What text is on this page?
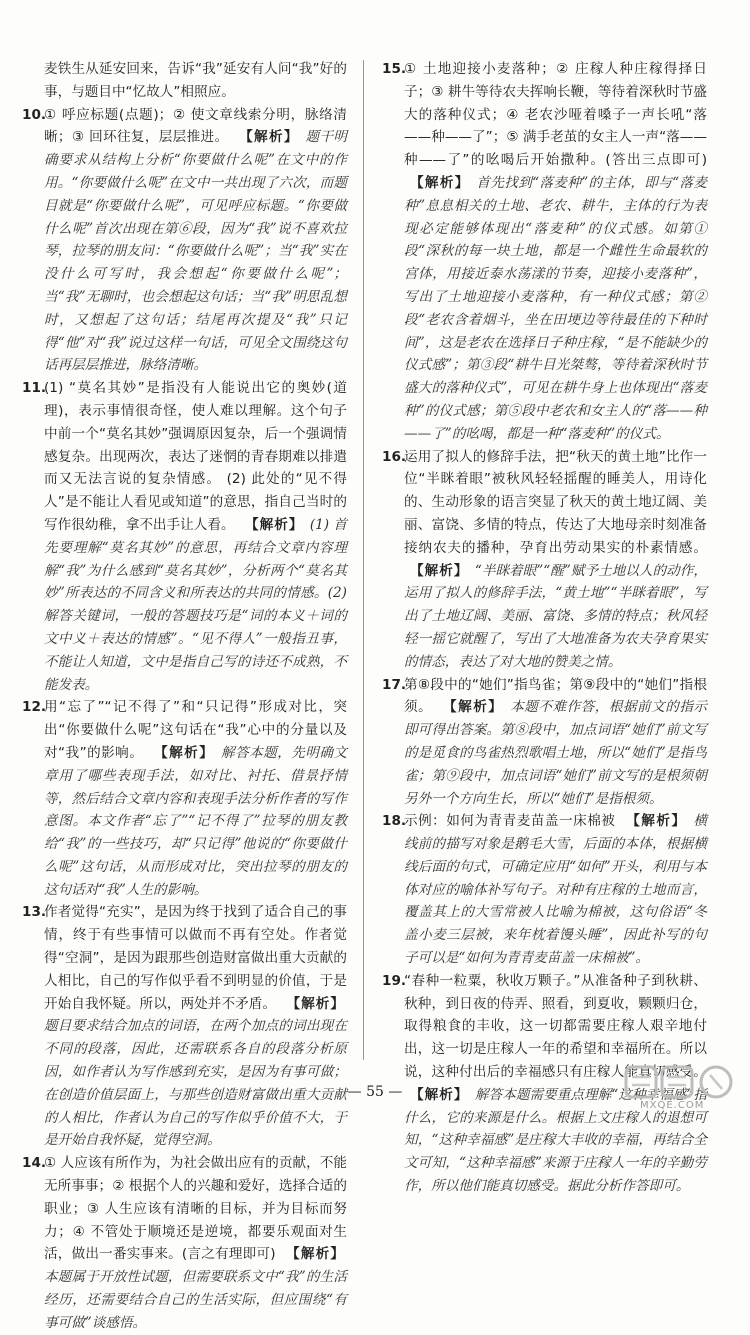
麦铁生从延安回来，告诉“我”延安有人问“我”好的事，与题目中“忆故人”相照应。

10.
① 呼应标题(点题)；② 使文章线索分明，脉络清晰；③ 回环往复，层层推进。 【解析】 题干明确要求从结构上分析“你要做什么呢”在文中的作用。“你要做什么呢”在文中一共出现了六次，而题目就是“你要做什么呢”，可见呼应标题。“你要做什么呢”首次出现在第⑥段，因为“我”说不喜欢拉琴，拉琴的朋友问：“你要做什么呢”；当“我”实在没什么可写时，我会想起“你要做什么呢”；当“我”无聊时，也会想起这句话；当“我”明思乱想时，又想起了这句话；结尾再次提及“我”只记得“他”对“我”说过这样一句话，可见全文围绕这句话再层层推进，脉络清晰。
11.
(1) “莫名其妙”是指没有人能说出它的奥妙(道理)，表示事情很奇怪，使人难以理解。这个句子中前一个“莫名其妙”强调原因复杂，后一个强调情感复杂。出现两次，表达了迷惘的青春期难以排遣而又无法言说的复杂情感。 (2) 此处的“见不得人”是不能让人看见或知道”的意思，指自己当时的写作很幼稚，拿不出手让人看。 【解析】 (1) 首先要理解“莫名其妙”的意思，再结合文章内容理解“我”为什么感到“莫名其妙”，分析两个“莫名其妙”所表达的不同含义和所表达的共同的情感。(2) 解答关键词，一般的答题技巧是“词的本义＋词的文中义＋表达的情感”。“见不得人”一般指丑事，不能让人知道，文中是指自己写的诗还不成熟，不能发表。
12.
用“忘了”“记不得了”和“只记得”形成对比，突出“你要做什么呢”这句话在“我”心中的分量以及对“我”的影响。 【解析】 解答本题，先明确文章用了哪些表现手法，如对比、衬托、借景抒情等，然后结合文章内容和表现手法分析作者的写作意图。本文作者“忘了”“记不得了”拉琴的朋友教给“我”的一些技巧，却“只记得”他说的“你要做什么呢”这句话，从而形成对比，突出拉琴的朋友的这句话对“我”人生的影响。
13.
作者觉得“充实”，是因为终于找到了适合自己的事情，终于有些事情可以做而不再有空处。作者觉得“空洞”，是因为跟那些创造财富做出重大贡献的人相比，自己的写作似乎看不到明显的价值，于是开始自我怀疑。所以，两处并不矛盾。 【解析】 题目要求结合加点的词语，在两个加点的词出现在不同的段落，因此，还需联系各自的段落分析原因，如作者认为写作感到充实，是因为有事可做；在创造价值层面上，与那些创造财富做出重大贡献的人相比，作者认为自己的写作似乎价值不大，于是开始自我怀疑，觉得空洞。
14.
① 人应该有所作为，为社会做出应有的贡献，不能无所事事；② 根据个人的兴趣和爱好，选择合适的职业；③ 人生应该有清晰的目标，并为目标而努力；④ 不管处于顺境还是逆境，都要乐观面对生活，做出一番实事来。(言之有理即可) 【解析】 本题属于开放性试题，但需要联系文中“我”的生活经历，还需要结合自己的生活实际，但应围绕“有事可做”谈感悟。
15.
① 土地迎接小麦落种；② 庄稼人种庄稼得择日子；③ 耕牛等待农夫挥响长鞭，等待着深秋时节盛大的落种仪式；④ 老农沙哑着嗓子一声长吼“落——种——了”；⑤ 满手老茧的女主人一声“落——种——了”的吆喝后开始撒种。(答出三点即可) 【解析】 首先找到“落麦种”的主体，即与“落麦种”息息相关的土地、老农、耕牛，主体的行为表现必定能够体现出“落麦种”的仪式感。如第①段“深秋的每一块土地，都是一个雌性生命最软的宫体，用接近泰水荡漾的节奏，迎接小麦落种”，写出了土地迎接小麦落种，有一种仪式感；第②段“老农含着烟斗，坐在田埂边等待最佳的下种时间”，这是老农在选择日子种庄稼，“是不能缺少的仪式感”；第③段“耕牛目光桀骜，等待着深秋时节盛大的落种仪式”，可见在耕牛身上也体现出“落麦种”的仪式感；第⑤段中老农和女主人的“落——种——了”的吆喝，都是一种“落麦种”的仪式。
16.
运用了拟人的修辞手法，把“秋天的黄土地”比作一位“半眯着眼”被秋风轻轻摇醒的睡美人，用诗化的、生动形象的语言突显了秋天的黄土地辽阔、美丽、富饶、多情的特点，传达了大地母亲时刻准备接纳农夫的播种，孕育出劳动果实的朴素情感。 【解析】 “半眯着眼”“醒”赋予土地以人的动作，运用了拟人的修辞手法，“黄土地”“半眯着眼”，写出了土地辽阔、美丽、富饶、多情的特点；秋风轻轻一摇它就醒了，写出了大地准备为农夫孕育果实的情态，表达了对大地的赞美之情。
17.
第⑧段中的“她们”指鸟雀；第⑨段中的“她们”指根须。 【解析】 本题不难作答，根据前文的指示即可得出答案。第⑧段中，加点词语“她们”前文写的是觅食的鸟雀热烈歌唱土地，所以“她们”是指鸟雀；第⑨段中，加点词语“她们”前文写的是根须朝另外一个方向生长，所以“她们”是指根须。
18.
示例：如何为青青麦苗盖一床棉被 【解析】 横线前的描写对象是鹅毛大雪，后面的本体，根据横线后面的句式，可确定应用“如何”开头，利用与本体对应的喻体补写句子。对种有庄稼的土地而言，覆盖其上的大雪常被人比喻为棉被，这句俗语“冬盖小麦三层被，来年枕着馒头睡”，因此补写的句子可以是“如何为青青麦苗盖一床棉被”。
19.
“春种一粒粟，秋收万颗子。”从准备种子到秋耕、秋种，到日夜的侍弄、照看，到夏收，颗颗归仓，取得粮食的丰收，这一切都需要庄稼人艰辛地付出，这一切是庄稼人一年的希望和幸福所在。所以说，这种付出后的幸福感只有庄稼人能真切感受。 【解析】 解答本题需要重点理解“这种幸福感”指什么，它的来源是什么。根据上文庄稼人的退想可知，“这种幸福感”是庄稼大丰收的幸福，再结合全文可知，“这种幸福感”来源于庄稼人一年的辛勤劳作，所以他们能真切感受。据此分析作答即可。
— 55 —
MXQE.COM
